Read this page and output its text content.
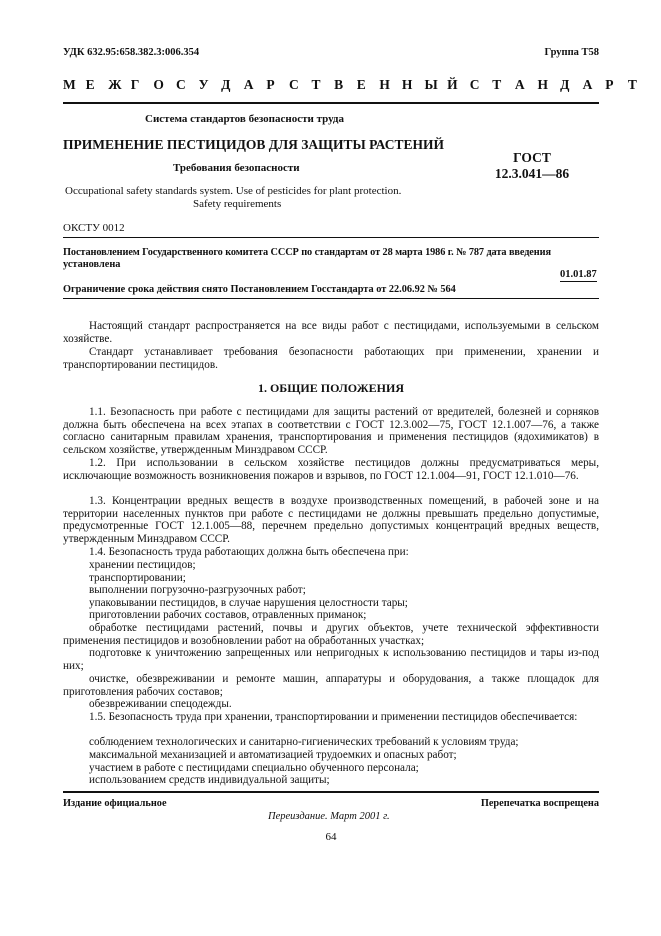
УДК 632.95:658.382.3:006.354	Группа Т58
М Е	Ж Г	О С У Д А Р	С Т	В	Е	Н Н Ы Й С Т	А Н Д А Р	Т
Система стандартов безопасности труда
ПРИМЕНЕНИЕ ПЕСТИЦИДОВ ДЛЯ ЗАЩИТЫ РАСТЕНИЙ
Требования безопасности
Occupational safety standards system. Use of pesticides for plant protection.
Safety requirements
ГОСТ
12.3.041—86
ОКСТУ 0012
Постановлением Государственного комитета СССР по стандартам от 28 марта 1986 г. № 787 дата введения
установлена
01.01.87
Ограничение срока действия снято Постановлением Госстандарта от 22.06.92 № 564
Настоящий стандарт распространяется на все виды работ с пестицидами, используемыми в сельском хозяйстве.
Стандарт устанавливает требования безопасности работающих при применении, хранении и транспортировании пестицидов.
1. ОБЩИЕ ПОЛОЖЕНИЯ
1.1. Безопасность при работе с пестицидами для защиты растений от вредителей, болезней и сорняков должна быть обеспечена на всех этапах в соответствии с ГОСТ 12.3.002—75, ГОСТ 12.1.007—76, а также согласно санитарным правилам хранения, транспортирования и применения пестицидов (ядохимикатов) в сельском хозяйстве, утвержденным Минздравом СССР.
1.2. При использовании в сельском хозяйстве пестицидов должны предусматриваться меры, исключающие возможность возникновения пожаров и взрывов, по ГОСТ 12.1.004—91, ГОСТ 12.1.010—76.
1.3. Концентрации вредных веществ в воздухе производственных помещений, в рабочей зоне и на территории населенных пунктов при работе с пестицидами не должны превышать предельно допустимые, предусмотренные ГОСТ 12.1.005—88, перечнем предельно допустимых концентраций вредных веществ, утвержденным Минздравом СССР.
1.4. Безопасность труда работающих должна быть обеспечена при:
хранении пестицидов;
транспортировании;
выполнении погрузочно-разгрузочных работ;
упаковывании пестицидов, в случае нарушения целостности тары;
приготовлении рабочих составов, отравленных приманок;
обработке пестицидами растений, почвы и других объектов, учете технической эффективности применения пестицидов и возобновлении работ на обработанных участках;
подготовке к уничтожению запрещенных или непригодных к использованию пестицидов и тары из-под них;
очистке, обезвреживании и ремонте машин, аппаратуры и оборудования, а также площадок для приготовления рабочих составов;
обезвреживании спецодежды.
1.5. Безопасность труда при хранении, транспортировании и применении пестицидов обеспечивается:
соблюдением технологических и санитарно-гигиенических требований к условиям труда;
максимальной механизацией и автоматизацией трудоемких и опасных работ;
участием в работе с пестицидами специально обученного персонала;
использованием средств индивидуальной защиты;
Издание официальное	Перепечатка воспрещена
Переиздание. Март 2001 г.
64
